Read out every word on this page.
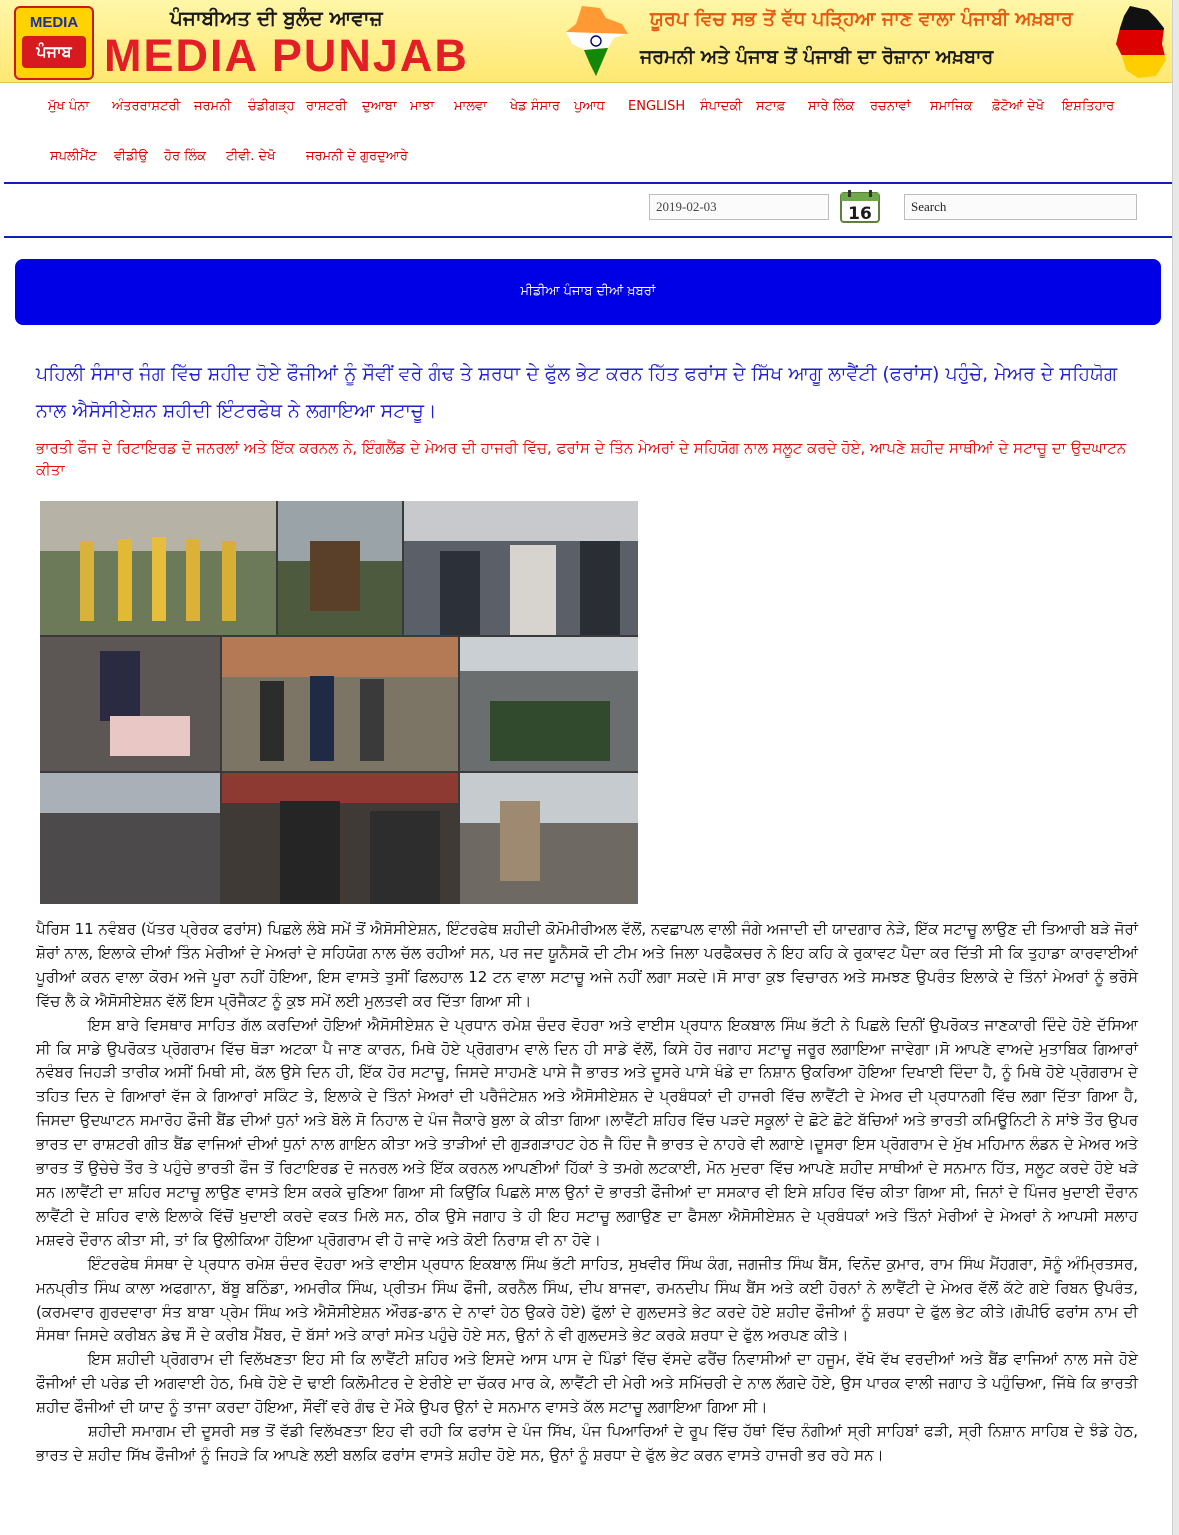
MEDIA
ਪੰਜਾਬ
ਪੰਜਾਬੀਅਤ ਦੀ ਬੁਲੰਦ ਆਵਾਜ਼
MEDIA PUNJAB
ਯੂਰਪ ਵਿਚ ਸਭ ਤੋਂ ਵੱਧ ਪੜ੍ਹਿਆ ਜਾਣ ਵਾਲਾ ਪੰਜਾਬੀ ਅਖ਼ਬਾਰ
ਜਰਮਨੀ ਅਤੇ ਪੰਜਾਬ ਤੋਂ ਪੰਜਾਬੀ ਦਾ ਰੋਜ਼ਾਨਾ ਅਖ਼ਬਾਰ
ਮੁੱਖ ਪੰਨਾ ਅੰਤਰਰਾਸ਼ਟਰੀ ਜਰਮਨੀ ਚੰਡੀਗੜ੍ਹ ਰਾਸ਼ਟਰੀ ਦੁਆਬਾ ਮਾਝਾ ਮਾਲਵਾ ਖੇਡ ਸੰਸਾਰ ਪੁਆਧ ENGLISH ਸੰਪਾਦਕੀ ਸਟਾਫ਼ ਸਾਰੇ ਲਿੰਕ ਰਚਨਾਵਾਂ ਸਮਾਜਿਕ ਫ਼ੋਟੋਆਂ ਦੇਖੋ ਇਸ਼ਤਿਹਾਰ
ਸਪਲੀਮੈਂਟ ਵੀਡੀਉ ਹੋਰ ਲਿੰਕ ਟੀਵੀ. ਦੇਖੋ ਜਰਮਨੀ ਦੇ ਗੁਰਦੁਆਰੇ
2019-02-03	16	Search
ਮੀਡੀਆ ਪੰਜਾਬ ਦੀਆਂ ਖ਼ਬਰਾਂ
ਪਹਿਲੀ ਸੰਸਾਰ ਜੰਗ ਵਿੱਚ ਸ਼ਹੀਦ ਹੋਏ ਫੌਜੀਆਂ ਨੂੰ ਸੌਵੀਂ ਵਰੇ ਗੰਢ ਤੇ ਸ਼ਰਧਾ ਦੇ ਫੁੱਲ ਭੇਟ ਕਰਨ ਹਿੱਤ ਫਰਾਂਸ ਦੇ ਸਿੱਖ ਆਗੂ ਲਾਵੈਂਟੀ (ਫਰਾਂਸ) ਪਹੁੰਚੇ, ਮੇਅਰ ਦੇ ਸਹਿਯੋਗ ਨਾਲ ਐਸੋਸੀਏਸ਼ਨ ਸ਼ਹੀਦੀ ਇੰਟਰਫੇਥ ਨੇ ਲਗਾਇਆ ਸਟਾਚੂ।

ਭਾਰਤੀ ਫੌਜ ਦੇ ਰਿਟਾਇਰਡ ਦੋ ਜਨਰਲਾਂ ਅਤੇ ਇੱਕ ਕਰਨਲ ਨੇ, ਇੰਗਲੈਂਡ ਦੇ ਮੇਅਰ ਦੀ ਹਾਜਰੀ ਵਿੱਚ, ਫਰਾਂਸ ਦੇ ਤਿੰਨ ਮੇਅਰਾਂ ਦੇ ਸਹਿਯੋਗ ਨਾਲ ਸਲੂਟ ਕਰਦੇ ਹੋਏ, ਆਪਣੇ ਸ਼ਹੀਦ ਸਾਥੀਆਂ ਦੇ ਸਟਾਚੂ ਦਾ ਉਦਘਾਟਨ ਕੀਤਾ

ਪੈਰਿਸ 11 ਨਵੰਬਰ (ਪੱਤਰ ਪ੍ਰੇਰਕ ਫਰਾਂਸ) ਪਿਛਲੇ ਲੰਬੇ ਸਮੇਂ ਤੋਂ ਐਸੋਸੀਏਸ਼ਨ, ਇੰਟਰਫੇਥ ਸ਼ਹੀਦੀ ਕੋਮੋਮੀਰੀਅਲ ਵੱਲੋਂ, ਨਵਛਾਪਲ ਵਾਲੀ ਜੰਗੇ ਅਜਾਦੀ ਦੀ ਯਾਦਗਾਰ ਨੇੜੇ, ਇੱਕ ਸਟਾਚੂ ਲਾਉਣ ਦੀ ਤਿਆਰੀ ਬੜੇ ਜੋਰਾਂ ਸ਼ੋਰਾਂ ਨਾਲ, ਇਲਾਕੇ ਦੀਆਂ ਤਿੰਨ ਮੇਰੀਆਂ ਦੇ ਮੇਅਰਾਂ ਦੇ ਸਹਿਯੋਗ ਨਾਲ ਚੱਲ ਰਹੀਆਂ ਸਨ, ਪਰ ਜਦ ਯੂਨੈਸਕੋ ਦੀ ਟੀਮ ਅਤੇ ਜਿਲਾ ਪਰਫੈਕਚਰ ਨੇ ਇਹ ਕਹਿ ਕੇ ਰੁਕਾਵਟ ਪੈਦਾ ਕਰ ਦਿੱਤੀ ਸੀ ਕਿ ਤੁਹਾਡਾ ਕਾਰਵਾਈਆਂ ਪੂਰੀਆਂ ਕਰਨ ਵਾਲਾ ਕੋਰਮ ਅਜੇ ਪੂਰਾ ਨਹੀਂ ਹੋਇਆ, ਇਸ ਵਾਸਤੇ ਤੁਸੀਂ ਫਿਲਹਾਲ 12 ਟਨ ਵਾਲਾ ਸਟਾਚੂ ਅਜੇ ਨਹੀਂ ਲਗਾ ਸਕਦੇ।ਸੋ ਸਾਰਾ ਕੁਝ ਵਿਚਾਰਨ ਅਤੇ ਸਮਝਣ ਉਪਰੰਤ ਇਲਾਕੇ ਦੇ ਤਿੰਨਾਂ ਮੇਅਰਾਂ ਨੂੰ ਭਰੋਸੇ ਵਿੱਚ ਲੈ ਕੇ ਐਸੋਸੀਏਸ਼ਨ ਵੱਲੋਂ ਇਸ ਪ੍ਰੋਜੈਕਟ ਨੂੰ ਕੁਝ ਸਮੇਂ ਲਈ ਮੁਲਤਵੀ ਕਰ ਦਿੱਤਾ ਗਿਆ ਸੀ।

ਇਸ ਬਾਰੇ ਵਿਸਥਾਰ ਸਾਹਿਤ ਗੱਲ ਕਰਦਿਆਂ ਹੋਇਆਂ ਐਸੋਸੀਏਸ਼ਨ ਦੇ ਪ੍ਰਧਾਨ ਰਮੇਸ਼ ਚੰਦਰ ਵੋਹਰਾ ਅਤੇ ਵਾਈਸ ਪ੍ਰਧਾਨ ਇਕਬਾਲ ਸਿੰਘ ਭੱਟੀ ਨੇ ਪਿਛਲੇ ਦਿਨੀਂ ਉਪਰੋਕਤ ਜਾਣਕਾਰੀ ਦਿੰਦੇ ਹੋਏ ਦੱਸਿਆ ਸੀ ਕਿ ਸਾਡੇ ਉਪਰੋਕਤ ਪ੍ਰੋਗਰਾਮ ਵਿੱਚ ਥੋੜਾ ਅਟਕਾ ਪੈ ਜਾਣ ਕਾਰਨ, ਮਿਥੇ ਹੋਏ ਪ੍ਰੋਗਰਾਮ ਵਾਲੇ ਦਿਨ ਹੀ ਸਾਡੇ ਵੱਲੋਂ, ਕਿਸੇ ਹੋਰ ਜਗਾਹ ਸਟਾਚੂ ਜਰੂਰ ਲਗਾਇਆ ਜਾਵੇਗਾ।ਸੋ ਆਪਣੇ ਵਾਅਦੇ ਮੁਤਾਬਿਕ ਗਿਆਰਾਂ ਨਵੰਬਰ ਜਿਹੜੀ ਤਾਰੀਕ ਅਸੀਂ ਮਿਥੀ ਸੀ, ਕੱਲ ਉਸੇ ਦਿਨ ਹੀ, ਇੱਕ ਹੋਰ ਸਟਾਚੂ, ਜਿਸਦੇ ਸਾਹਮਣੇ ਪਾਸੇ ਜੈ ਭਾਰਤ ਅਤੇ ਦੂਸਰੇ ਪਾਸੇ ਖੰਡੇ ਦਾ ਨਿਸ਼ਾਨ ਉਕਰਿਆ ਹੋਇਆ ਦਿਖਾਈ ਦਿੰਦਾ ਹੈ, ਨੂੰ ਮਿਥੇ ਹੋਏ ਪ੍ਰੋਗਰਾਮ ਦੇ ਤਹਿਤ ਦਿਨ ਦੇ ਗਿਆਰਾਂ ਵੱਜ ਕੇ ਗਿਆਰਾਂ ਸਕਿੰਟ ਤੇ, ਇਲਾਕੇ ਦੇ ਤਿੰਨਾਂ ਮੇਅਰਾਂ ਦੀ ਪਰੈਜੰਟੇਸ਼ਨ ਅਤੇ ਐਸੋਸੀਏਸ਼ਨ ਦੇ ਪ੍ਰਬੰਧਕਾਂ ਦੀ ਹਾਜਰੀ ਵਿੱਚ ਲਾਵੈਂਟੀ ਦੇ ਮੇਅਰ ਦੀ ਪ੍ਰਧਾਨਗੀ ਵਿੱਚ ਲਗਾ ਦਿੱਤਾ ਗਿਆ ਹੈ, ਜਿਸਦਾ ਉਦਘਾਟਨ ਸਮਾਰੋਹ ਫੌਜੀ ਬੈਂਡ ਦੀਆਂ ਧੁਨਾਂ ਅਤੇ ਬੋਲੇ ਸੋ ਨਿਹਾਲ ਦੇ ਪੰਜ ਜੈਕਾਰੇ ਬੁਲਾ ਕੇ ਕੀਤਾ ਗਿਆ।ਲਾਵੈਂਟੀ ਸ਼ਹਿਰ ਵਿੱਚ ਪੜਦੇ ਸਕੂਲਾਂ ਦੇ ਛੋਟੇ ਛੋਟੇ ਬੱਚਿਆਂ ਅਤੇ ਭਾਰਤੀ ਕਮਿਊਨਿਟੀ ਨੇ ਸਾਂਝੇ ਤੌਰ ਉਪਰ ਭਾਰਤ ਦਾ ਰਾਸ਼ਟਰੀ ਗੀਤ ਬੈਂਡ ਵਾਜਿਆਂ ਦੀਆਂ ਧੁਨਾਂ ਨਾਲ ਗਾਇਨ ਕੀਤਾ ਅਤੇ ਤਾੜੀਆਂ ਦੀ ਗੁੜਗੜਾਹਟ ਹੇਠ ਜੈ ਹਿੰਦ ਜੈ ਭਾਰਤ ਦੇ ਨਾਹਰੇ ਵੀ ਲਗਾਏ।ਦੂਸਰਾ ਇਸ ਪ੍ਰੋਗਰਾਮ ਦੇ ਮੁੱਖ ਮਹਿਮਾਨ ਲੰਡਨ ਦੇ ਮੇਅਰ ਅਤੇ ਭਾਰਤ ਤੋਂ ਉਚੇਚੇ ਤੌਰ ਤੇ ਪਹੁੰਚੇ ਭਾਰਤੀ ਫੌਜ ਤੋਂ ਰਿਟਾਇਰਡ ਦੋ ਜਨਰਲ ਅਤੇ ਇੱਕ ਕਰਨਲ ਆਪਣੀਆਂ ਹਿੱਕਾਂ ਤੇ ਤਮਗੇ ਲਟਕਾਈ, ਮੋਨ ਮੁਦਰਾ ਵਿੱਚ ਆਪਣੇ ਸ਼ਹੀਦ ਸਾਥੀਆਂ ਦੇ ਸਨਮਾਨ ਹਿੱਤ, ਸਲੂਟ ਕਰਦੇ ਹੋਏ ਖੜੇ ਸਨ।ਲਾਵੈਂਟੀ ਦਾ ਸ਼ਹਿਰ ਸਟਾਚੂ ਲਾਉਣ ਵਾਸਤੇ ਇਸ ਕਰਕੇ ਚੁਣਿਆ ਗਿਆ ਸੀ ਕਿਉਂਕਿ ਪਿਛਲੇ ਸਾਲ ਉਨਾਂ ਦੋ ਭਾਰਤੀ ਫੌਜੀਆਂ ਦਾ ਸਸਕਾਰ ਵੀ ਇਸੇ ਸ਼ਹਿਰ ਵਿੱਚ ਕੀਤਾ ਗਿਆ ਸੀ, ਜਿਨਾਂ ਦੇ ਪਿੰਜਰ ਖੁਦਾਈ ਦੌਰਾਨ ਲਾਵੈਂਟੀ ਦੇ ਸ਼ਹਿਰ ਵਾਲੇ ਇਲਾਕੇ ਵਿੱਚੋਂ ਖੁਦਾਈ ਕਰਦੇ ਵਕਤ ਮਿਲੇ ਸਨ, ਠੀਕ ਉਸੇ ਜਗਾਹ ਤੇ ਹੀ ਇਹ ਸਟਾਚੂ ਲਗਾਉਣ ਦਾ ਫੈਸਲਾ ਐਸੋਸੀਏਸ਼ਨ ਦੇ ਪ੍ਰਬੰਧਕਾਂ ਅਤੇ ਤਿੰਨਾਂ ਮੇਰੀਆਂ ਦੇ ਮੇਅਰਾਂ ਨੇ ਆਪਸੀ ਸਲਾਹ ਮਸ਼ਵਰੇ ਦੌਰਾਨ ਕੀਤਾ ਸੀ, ਤਾਂ ਕਿ ਉਲੀਕਿਆ ਹੋਇਆ ਪ੍ਰੋਗਰਾਮ ਵੀ ਹੋ ਜਾਵੇ ਅਤੇ ਕੋਈ ਨਿਰਾਸ਼ ਵੀ ਨਾ ਹੋਵੇ।

ਇੰਟਰਫੇਥ ਸੰਸਥਾ ਦੇ ਪ੍ਰਧਾਨ ਰਮੇਸ਼ ਚੰਦਰ ਵੋਹਰਾ ਅਤੇ ਵਾਈਸ ਪ੍ਰਧਾਨ ਇਕਬਾਲ ਸਿੰਘ ਭੱਟੀ ਸਾਹਿਤ, ਸੁਖਵੀਰ ਸਿੰਘ ਕੰਗ, ਜਗਜੀਤ ਸਿੰਘ ਬੈਂਸ, ਵਿਨੋਦ ਕੁਮਾਰ, ਰਾਮ ਸਿੰਘ ਮੈਂਹਗਰਾ, ਸੋਨੂੰ ਅੰਮ੍ਰਿਤਸਰ, ਮਨਪ੍ਰੀਤ ਸਿੰਘ ਕਾਲਾ ਅਫਗਾਨਾ, ਬੱਬੂ ਬਠਿੰਡਾ, ਅਮਰੀਕ ਸਿੰਘ, ਪ੍ਰੀਤਮ ਸਿੰਘ ਫੌਜੀ, ਕਰਨੈਲ ਸਿੰਘ, ਦੀਪ ਬਾਜਵਾ, ਰਮਨਦੀਪ ਸਿੰਘ ਬੈਂਸ ਅਤੇ ਕਈ ਹੋਰਨਾਂ ਨੇ ਲਾਵੈਂਟੀ ਦੇ ਮੇਅਰ ਵੱਲੋਂ ਕੱਟੇ ਗਏ ਰਿਬਨ ਉਪਰੰਤ, (ਕਰਮਵਾਰ ਗੁਰਦਵਾਰਾ ਸੰਤ ਬਾਬਾ ਪ੍ਰੇਮ ਸਿੰਘ ਅਤੇ ਐਸੋਸੀਏਸ਼ਨ ਔਰਡ-ਡਾਨ ਦੇ ਨਾਵਾਂ ਹੇਠ ਉਕਰੇ ਹੋਏ) ਫੁੱਲਾਂ ਦੇ ਗੁਲਦਸਤੇ ਭੇਟ ਕਰਦੇ ਹੋਏ ਸ਼ਹੀਦ ਫੌਜੀਆਂ ਨੂੰ ਸ਼ਰਧਾ ਦੇ ਫੁੱਲ ਭੇਟ ਕੀਤੇ।ਗੋਪੀਓ ਫਰਾਂਸ ਨਾਮ ਦੀ ਸੰਸਥਾ ਜਿਸਦੇ ਕਰੀਬਨ ਡੇਢ ਸੌ ਦੇ ਕਰੀਬ ਮੈਂਬਰ, ਦੋ ਬੱਸਾਂ ਅਤੇ ਕਾਰਾਂ ਸਮੇਤ ਪਹੁੰਚੇ ਹੋਏ ਸਨ, ਉਨਾਂ ਨੇ ਵੀ ਗੁਲਦਸਤੇ ਭੇਟ ਕਰਕੇ ਸ਼ਰਧਾ ਦੇ ਫੁੱਲ ਅਰਪਣ ਕੀਤੇ।

ਇਸ ਸ਼ਹੀਦੀ ਪ੍ਰੋਗਰਾਮ ਦੀ ਵਿਲੱਖਣਤਾ ਇਹ ਸੀ ਕਿ ਲਾਵੈਂਟੀ ਸ਼ਹਿਰ ਅਤੇ ਇਸਦੇ ਆਸ ਪਾਸ ਦੇ ਪਿੰਡਾਂ ਵਿੱਚ ਵੱਸਦੇ ਫਰੈਂਚ ਨਿਵਾਸੀਆਂ ਦਾ ਹਜੂਮ, ਵੱਖੋ ਵੱਖ ਵਰਦੀਆਂ ਅਤੇ ਬੈਂਡ ਵਾਜਿਆਂ ਨਾਲ ਸਜੇ ਹੋਏ ਫੌਜੀਆਂ ਦੀ ਪਰੇਡ ਦੀ ਅਗਵਾਈ ਹੇਠ, ਮਿਥੇ ਹੋਏ ਦੋ ਢਾਈ ਕਿਲੋਮੀਟਰ ਦੇ ਏਰੀਏ ਦਾ ਚੱਕਰ ਮਾਰ ਕੇ, ਲਾਵੈਂਟੀ ਦੀ ਮੇਰੀ ਅਤੇ ਸਮਿੱਚਰੀ ਦੇ ਨਾਲ ਲੱਗਦੇ ਹੋਏ, ਉਸ ਪਾਰਕ ਵਾਲੀ ਜਗਾਹ ਤੇ ਪਹੁੰਚਿਆ, ਜਿੱਥੇ ਕਿ ਭਾਰਤੀ ਸ਼ਹੀਦ ਫੌਜੀਆਂ ਦੀ ਯਾਦ ਨੂੰ ਤਾਜਾ ਕਰਦਾ ਹੋਇਆ, ਸੌਵੀਂ ਵਰੇ ਗੰਢ ਦੇ ਮੌਕੇ ਉਪਰ ਉਨਾਂ ਦੇ ਸਨਮਾਨ ਵਾਸਤੇ ਕੱਲ ਸਟਾਚੂ ਲਗਾਇਆ ਗਿਆ ਸੀ।

ਸ਼ਹੀਦੀ ਸਮਾਗਮ ਦੀ ਦੂਸਰੀ ਸਭ ਤੋਂ ਵੱਡੀ ਵਿਲੱਖਣਤਾ ਇਹ ਵੀ ਰਹੀ ਕਿ ਫਰਾਂਸ ਦੇ ਪੰਜ ਸਿੱਖ, ਪੰਜ ਪਿਆਰਿਆਂ ਦੇ ਰੂਪ ਵਿੱਚ ਹੱਥਾਂ ਵਿੱਚ ਨੰਗੀਆਂ ਸ੍ਰੀ ਸਾਹਿਬਾਂ ਫੜੀ, ਸ੍ਰੀ ਨਿਸ਼ਾਨ ਸਾਹਿਬ ਦੇ ਝੰਡੇ ਹੇਠ, ਭਾਰਤ ਦੇ ਸ਼ਹੀਦ ਸਿੱਖ ਫੌਜੀਆਂ ਨੂੰ ਜਿਹੜੇ ਕਿ ਆਪਣੇ ਲਈ ਬਲਕਿ ਫਰਾਂਸ ਵਾਸਤੇ ਸ਼ਹੀਦ ਹੋਏ ਸਨ, ਉਨਾਂ ਨੂੰ ਸ਼ਰਧਾ ਦੇ ਫੁੱਲ ਭੇਟ ਕਰਨ ਵਾਸਤੇ ਹਾਜਰੀ ਭਰ ਰਹੇ ਸਨ।
